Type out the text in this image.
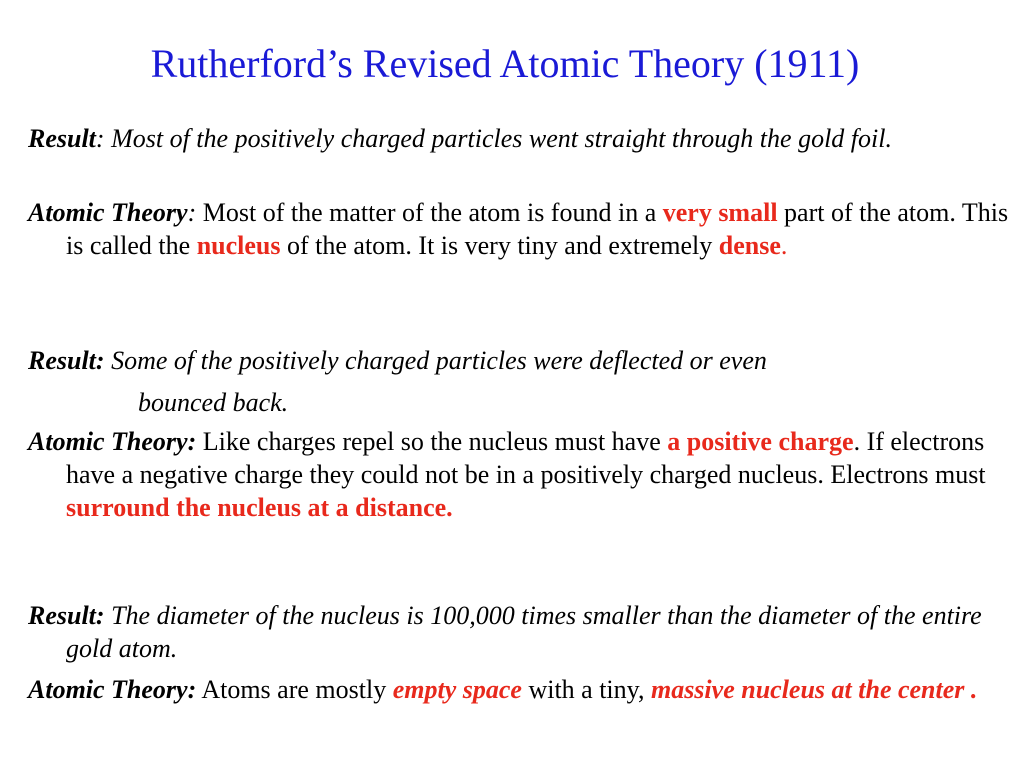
Rutherford’s Revised Atomic Theory (1911)
Result: Most of the positively charged particles went straight through the gold foil.
Atomic Theory: Most of the matter of the atom is found in a very small part of the atom. This is called the nucleus of the atom. It is very tiny and extremely dense.
Result: Some of the positively charged particles were deflected or even
bounced back.
Atomic Theory: Like charges repel so the nucleus must have a positive charge. If electrons have a negative charge they could not be in a positively charged nucleus. Electrons must surround the nucleus at a distance.
Result: The diameter of the nucleus is 100,000 times smaller than the diameter of the entire gold atom.
Atomic Theory: Atoms are mostly empty space with a tiny, massive nucleus at the center .
